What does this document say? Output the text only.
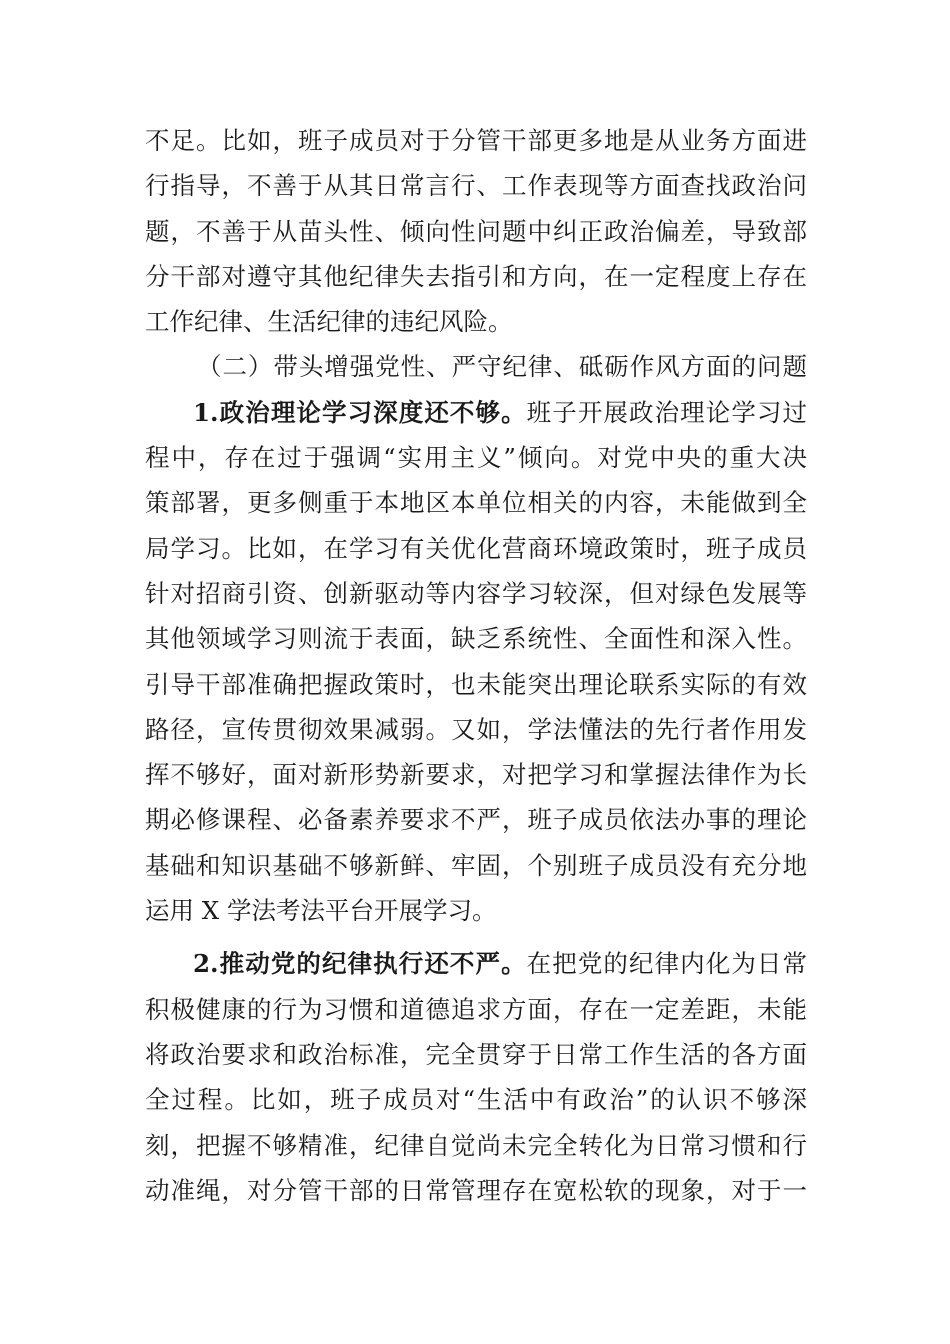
不足。比如，班子成员对于分管干部更多地是从业务方面进
行指导，不善于从其日常言行、工作表现等方面查找政治问
题，不善于从苗头性、倾向性问题中纠正政治偏差，导致部
分干部对遵守其他纪律失去指引和方向，在一定程度上存在
工作纪律、生活纪律的违纪风险。
（二）带头增强党性、严守纪律、砥砺作风方面的问题
1.政治理论学习深度还不够。班子开展政治理论学习过
程中，存在过于强调“实用主义”倾向。对党中央的重大决
策部署，更多侧重于本地区本单位相关的内容，未能做到全
局学习。比如，在学习有关优化营商环境政策时，班子成员
针对招商引资、创新驱动等内容学习较深，但对绿色发展等
其他领域学习则流于表面，缺乏系统性、全面性和深入性。
引导干部准确把握政策时，也未能突出理论联系实际的有效
路径，宣传贯彻效果减弱。又如，学法懂法的先行者作用发
挥不够好，面对新形势新要求，对把学习和掌握法律作为长
期必修课程、必备素养要求不严，班子成员依法办事的理论
基础和知识基础不够新鲜、牢固，个别班子成员没有充分地
运用 X 学法考法平台开展学习。
2.推动党的纪律执行还不严。在把党的纪律内化为日常
积极健康的行为习惯和道德追求方面，存在一定差距，未能
将政治要求和政治标准，完全贯穿于日常工作生活的各方面
全过程。比如，班子成员对“生活中有政治”的认识不够深
刻，把握不够精准，纪律自觉尚未完全转化为日常习惯和行
动准绳，对分管干部的日常管理存在宽松软的现象，对于一
